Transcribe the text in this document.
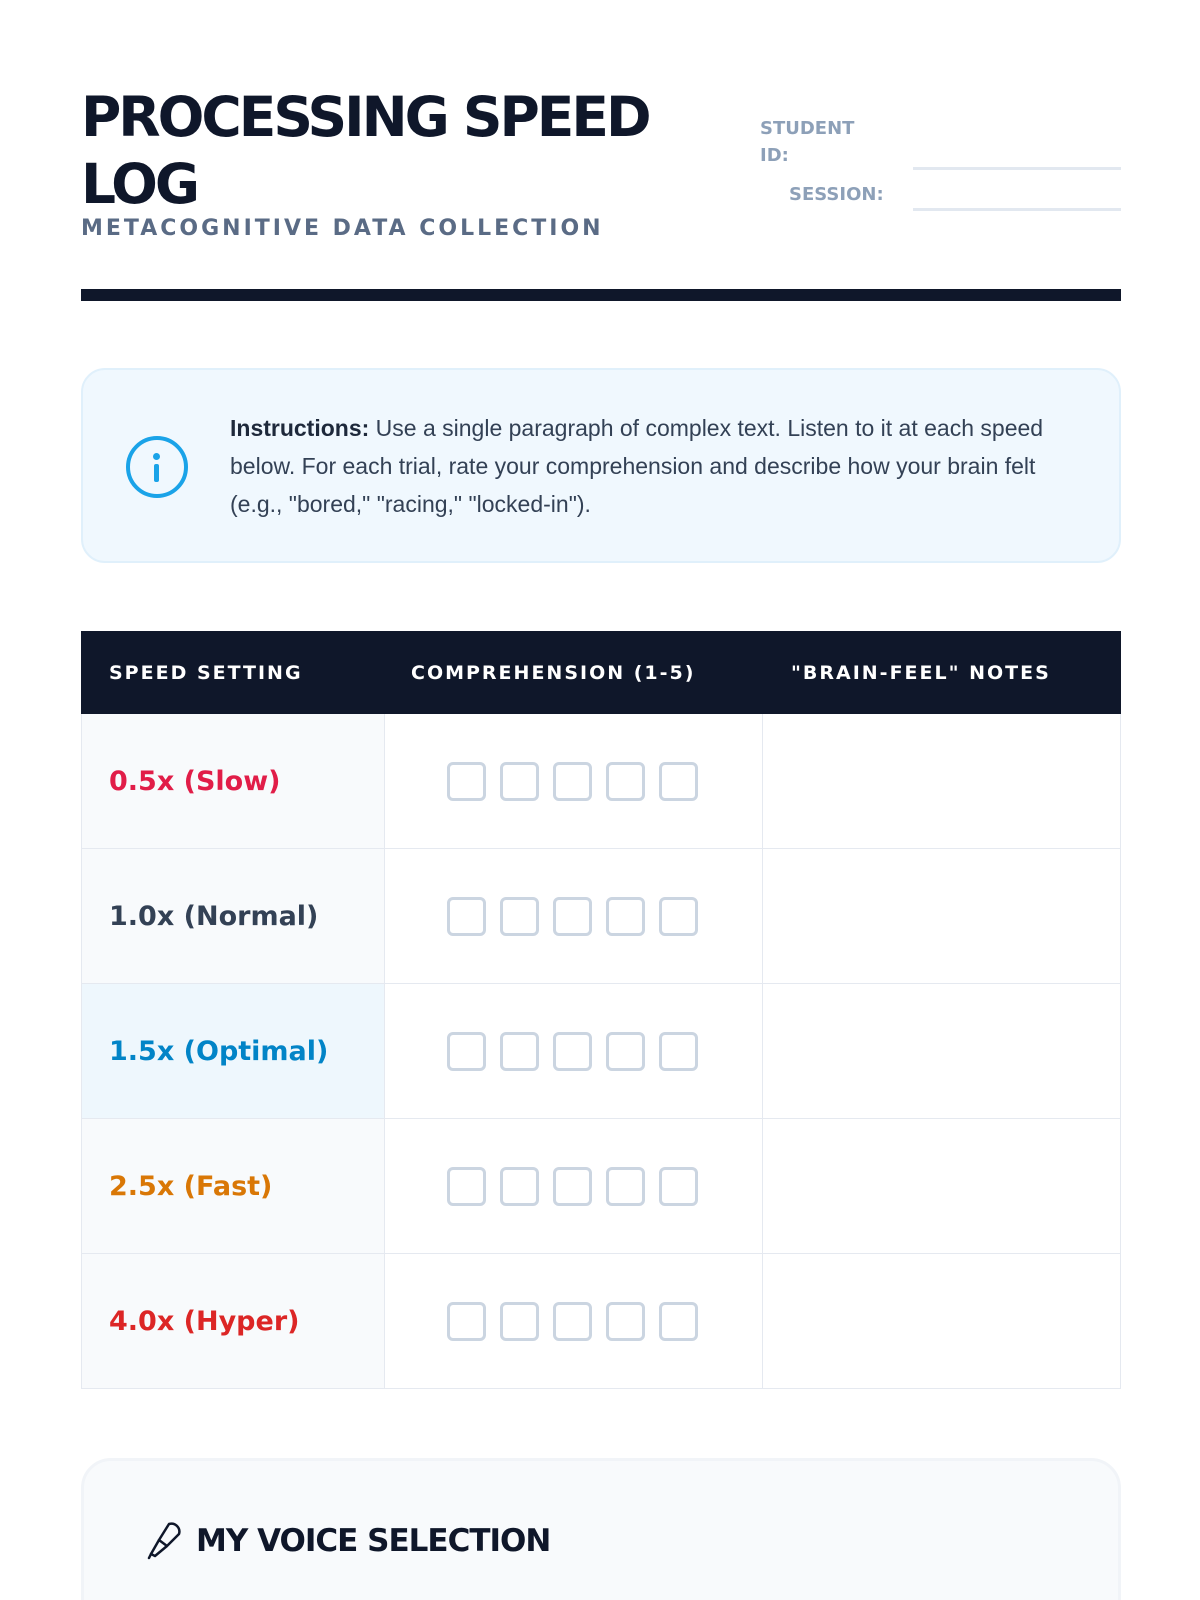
PROCESSING SPEED LOG
METACOGNITIVE DATA COLLECTION
STUDENT ID:
SESSION:
Instructions: Use a single paragraph of complex text. Listen to it at each speed below. For each trial, rate your comprehension and describe how your brain felt (e.g., "bored," "racing," "locked-in").
SPEED SETTING	COMPREHENSION (1-5)	"BRAIN-FEEL" NOTES
0.5x (Slow)
1.0x (Normal)
1.5x (Optimal)
2.5x (Fast)
4.0x (Hyper)
MY VOICE SELECTION
